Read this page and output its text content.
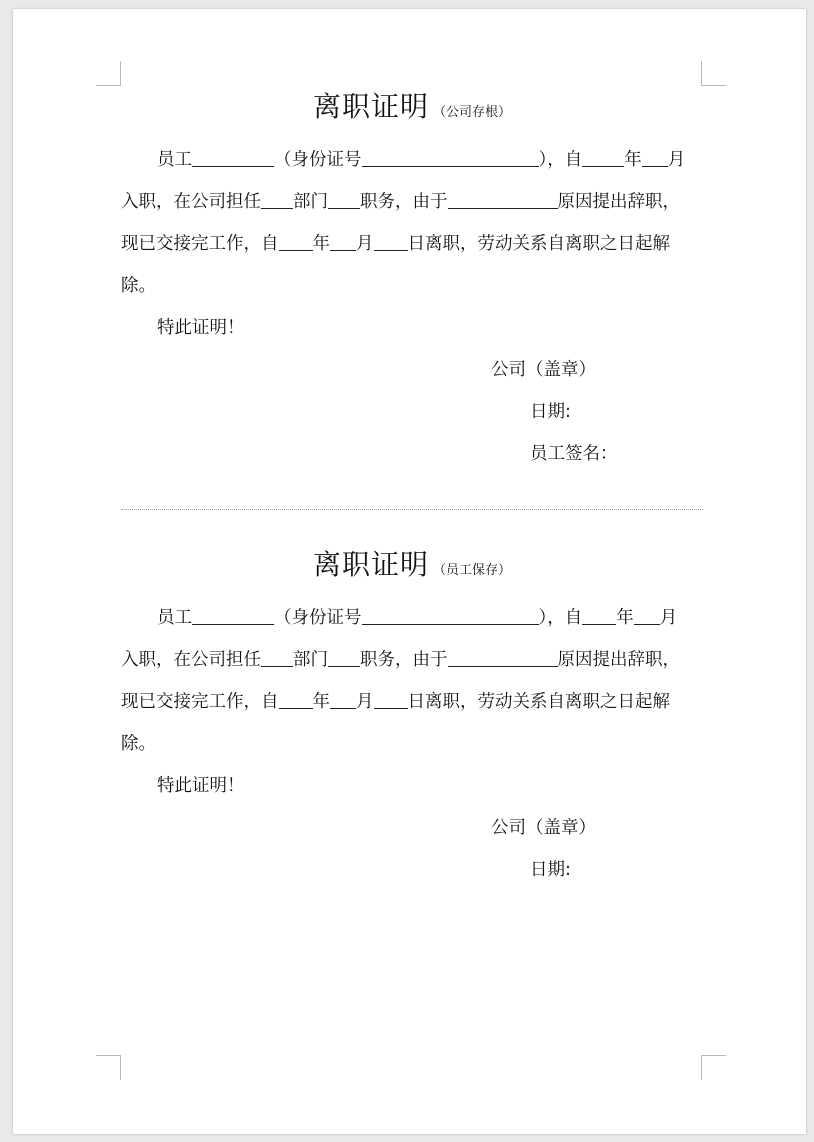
离职证明 （公司存根）

员工	（身份证号	），自 年 月

入职，在公司担任 部门 职务，由于	原因提出辞职，

现已交接完工作，自 年 月 日离职，劳动关系自离职之日起解

除。

特此证明！

公司（盖章）
日期:
员工签名：
离职证明 （员工保存）

员工	（身份证号	），自 年 月

入职，在公司担任 部门 职务，由于	原因提出辞职，

现已交接完工作，自 年 月 日离职，劳动关系自离职之日起解

除。

特此证明！

公司（盖章）
日期:
